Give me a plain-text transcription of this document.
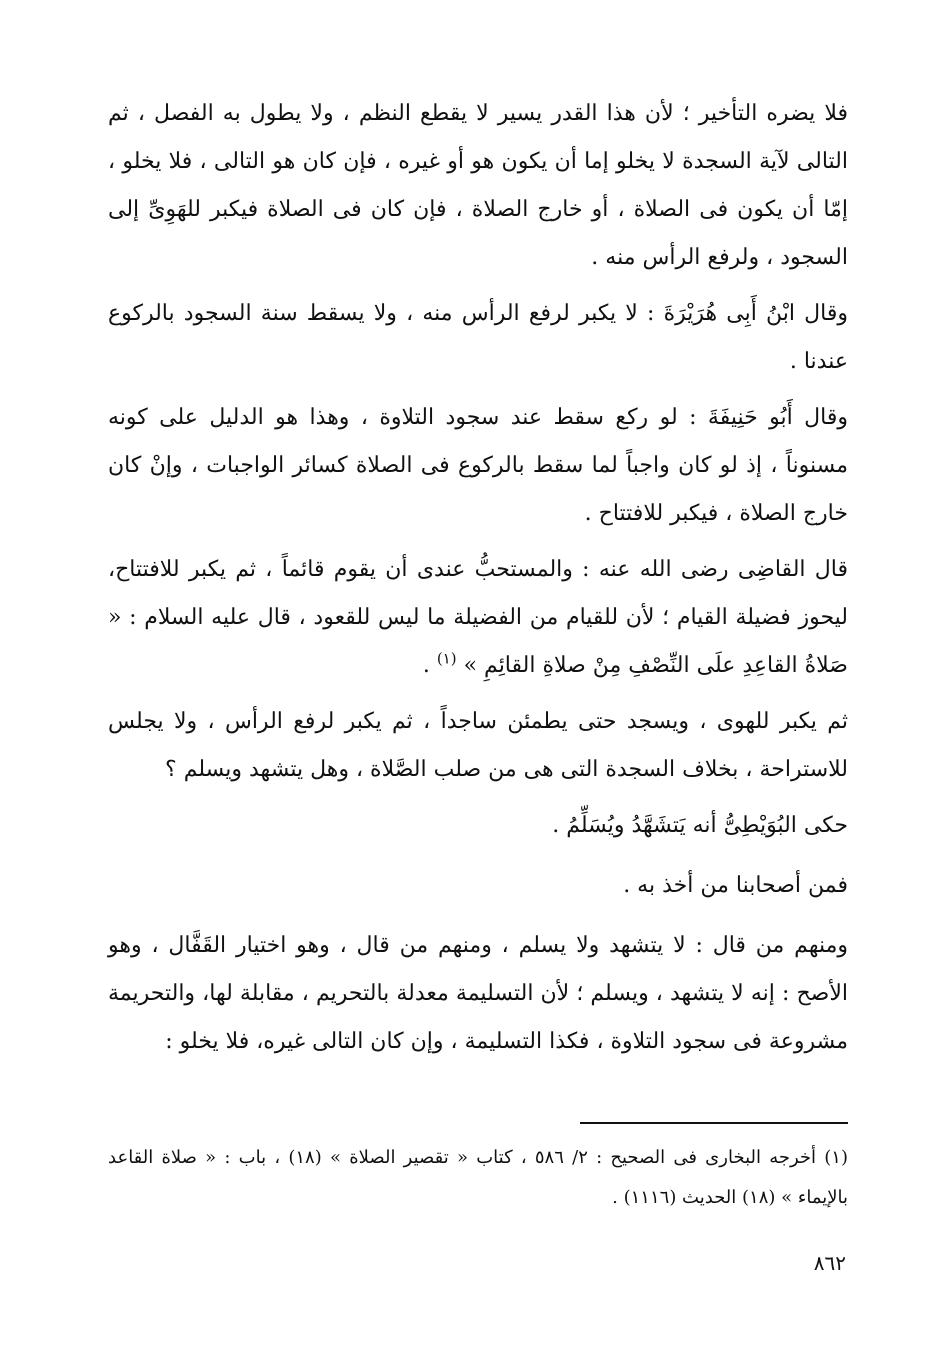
فلا يضره التأخير ؛ لأن هذا القدر يسير لا يقطع النظم ، ولا يطول به الفصل ، ثم التالى لآية السجدة لا يخلو إما أن يكون هو أو غيره ، فإن كان هو التالى ، فلا يخلو ، إمّا أن يكون فى الصلاة ، أو خارج الصلاة ، فإن كان فى الصلاة فيكبر للهَوِىِّ إلى السجود ، ولرفع الرأس منه .

وقال ابْنُ أَبِى هُرَيْرَةَ : لا يكبر لرفع الرأس منه ، ولا يسقط سنة السجود بالركوع عندنا .

وقال أَبُو حَنِيفَةَ : لو ركع سقط عند سجود التلاوة ، وهذا هو الدليل على كونه مسنوناً ، إذ لو كان واجباً لما سقط بالركوع فى الصلاة كسائر الواجبات ، وإنْ كان خارج الصلاة ، فيكبر للافتتاح .

قال القاضِى رضى الله عنه : والمستحبُّ عندى أن يقوم قائماً ، ثم يكبر للافتتاح، ليحوز فضيلة القيام ؛ لأن للقيام من الفضيلة ما ليس للقعود ، قال عليه السلام : « صَلاةُ القاعِدِ علَى النِّصْفِ مِنْ صلاةِ القائِمِ » $^{(١)}$ .

ثم يكبر للهوى ، ويسجد حتى يطمئن ساجداً ، ثم يكبر لرفع الرأس ، ولا يجلس للاستراحة ، بخلاف السجدة التى هى من صلب الصَّلاة ، وهل يتشهد ويسلم ؟

حكى البُوَيْطِىُّ أنه يَتشَهَّدُ ويُسَلِّمُ .

فمن أصحابنا من أخذ به .

ومنهم من قال : لا يتشهد ولا يسلم ، ومنهم من قال ، وهو اختيار القَفَّال ، وهو الأصح : إنه لا يتشهد ، ويسلم ؛ لأن التسليمة معدلة بالتحريم ، مقابلة لها، والتحريمة مشروعة فى سجود التلاوة ، فكذا التسليمة ، وإن كان التالى غيره، فلا يخلو :

(١) أخرجه البخارى فى الصحيح : ٢/ ٥٨٦ ، كتاب « تقصير الصلاة » (١٨) ، باب : « صلاة القاعد بالإيماء » (١٨) الحديث (١١١٦) .

٨٦٢
